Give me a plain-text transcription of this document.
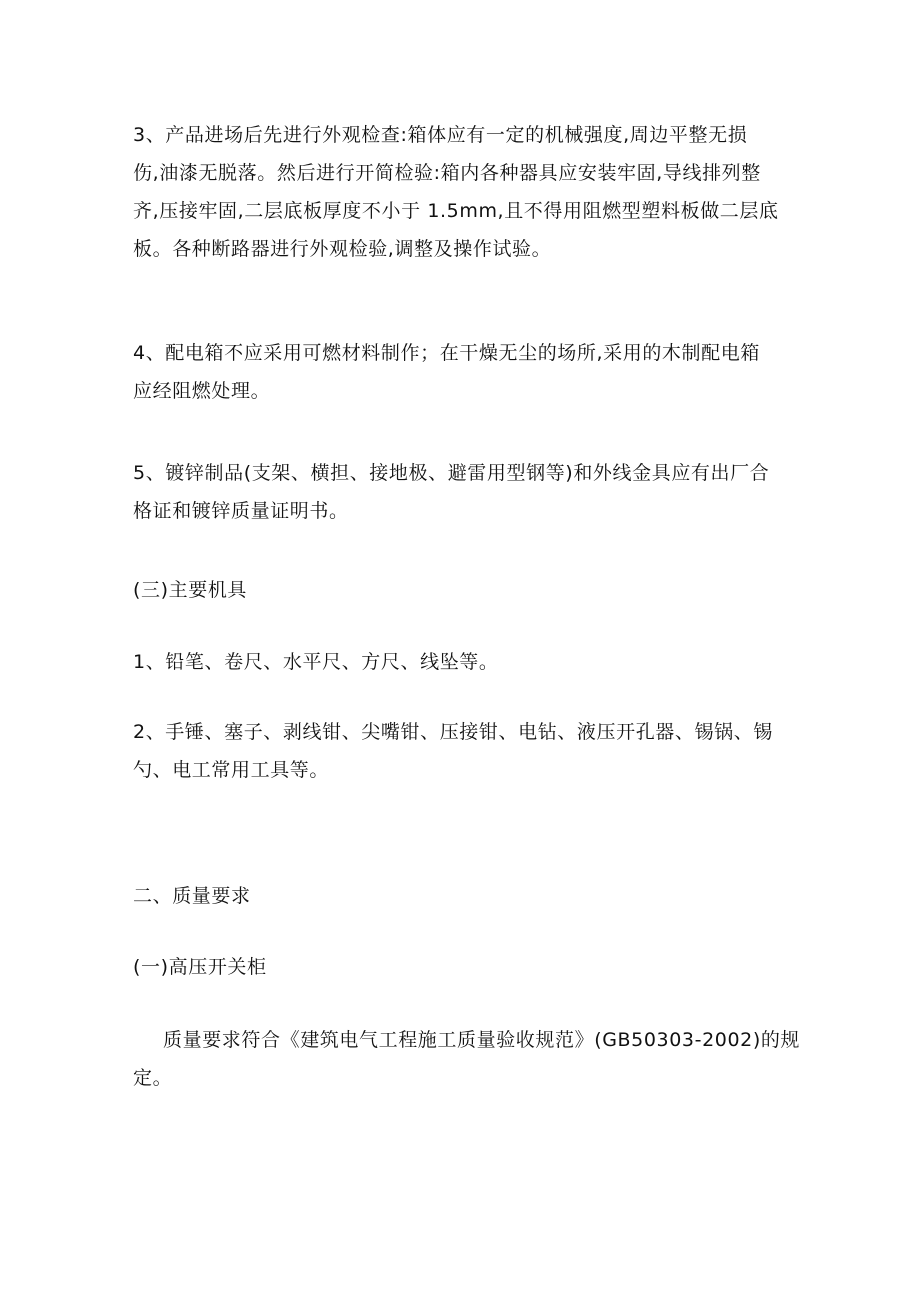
3、产品进场后先进行外观检查:箱体应有一定的机械强度,周边平整无损
伤,油漆无脱落。然后进行开简检验:箱内各种器具应安装牢固,导线排列整
齐,压接牢固,二层底板厚度不小于 1.5mm,且不得用阻燃型塑料板做二层底
板。各种断路器进行外观检验,调整及操作试验。
4、配电箱不应采用可燃材料制作；在干燥无尘的场所,采用的木制配电箱
应经阻燃处理。
5、镀锌制品(支架、横担、接地极、避雷用型钢等)和外线金具应有出厂合
格证和镀锌质量证明书。
(三)主要机具
1、铅笔、卷尺、水平尺、方尺、线坠等。
2、手锤、塞子、剥线钳、尖嘴钳、压接钳、电钻、液压开孔器、锡锅、锡
勺、电工常用工具等。
二、质量要求
(一)高压开关柜
质量要求符合《建筑电气工程施工质量验收规范》(GB50303-2002)的规
定。
